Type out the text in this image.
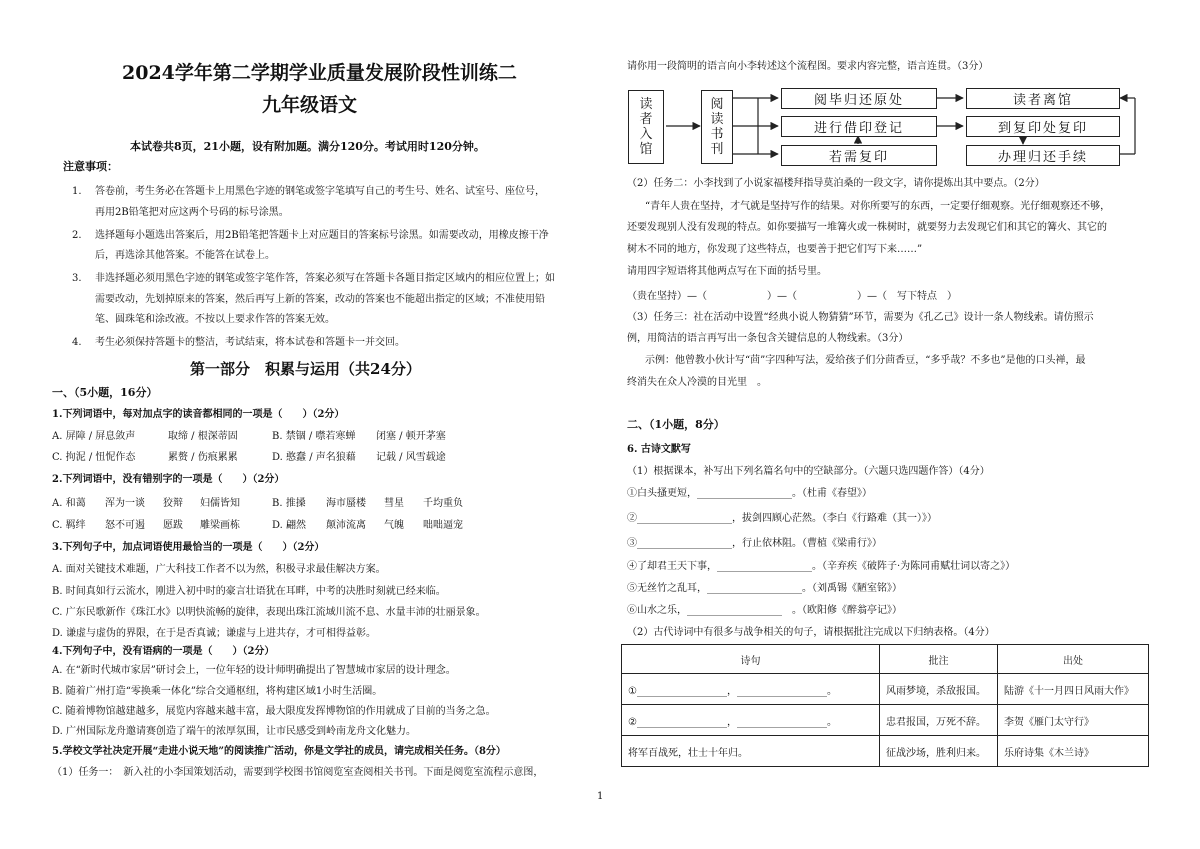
2024学年第二学期学业质量发展阶段性训练二
九年级语文
本试卷共8页，21小题，设有附加题。满分120分。考试用时120分钟。
注意事项：
1. 答卷前，考生务必在答题卡上用黑色字迹的钢笔或签字笔填写自己的考生号、姓名、试室号、座位号，
再用2B铅笔把对应这两个号码的标号涂黑。
2. 选择题每小题选出答案后，用2B铅笔把答题卡上对应题目的答案标号涂黑。如需要改动，用橡皮擦干净
后，再选涂其他答案。不能答在试卷上。
3. 非选择题必须用黑色字迹的钢笔或签字笔作答，答案必须写在答题卡各题目指定区域内的相应位置上；如
需要改动，先划掉原来的答案，然后再写上新的答案，改动的答案也不能超出指定的区域；不准使用铅
笔、圆珠笔和涂改液。不按以上要求作答的答案无效。
4. 考生必须保持答题卡的整洁，考试结束，将本试卷和答题卡一并交回。
第一部分　积累与运用（共24分）
一、（5小题，16分）
1.下列词语中，每对加点字的读音都相同的一项是（　　）（2分）
A. 屏障 / 屏息敛声	取缔 / 根深蒂固	B. 禁锢 / 噤若寒蝉 闭塞 / 顿开茅塞
C. 拘泥 / 忸怩作态	累赘 / 伤痕累累	D. 憨蠢 / 声名狼藉 记载 / 风雪载途
2.下列词语中，没有错别字的一项是（　　）（2分）
A. 和蔼 浑为一谈 狡辩 妇儒皆知	B. 推搡 海市蜃楼 彗星 千均重负
C. 羁绊 怒不可遏 愿跋 雕梁画栋	D. 翩然 颠沛流离 气魄 咄咄逼宠
3.下列句子中，加点词语使用最恰当的一项是（　　）（2分）
A. 面对关键技术难题，广大科技工作者不以为然，积极寻求最佳解决方案。
B. 时间真如行云流水，刚进入初中时的豪言壮语犹在耳畔，中考的决胜时刻就已经来临。
C. 广东民歌新作《珠江水》以明快流畅的旋律，表现出珠江流域川流不息、水量丰沛的壮丽景象。
D. 谦虚与虚伪的界限，在于是否真诚；谦虚与上进共存，才可相得益彰。
4.下列句子中，没有语病的一项是（　　）（2分）
A. 在“新时代城市家居”研讨会上，一位年轻的设计师明确提出了智慧城市家居的设计理念。
B. 随着广州打造“零换乘一体化”综合交通枢纽，将构建区域1小时生活圈。
C. 随着博物馆越建越多，展览内容越来越丰富，最大限度发挥博物馆的作用就成了目前的当务之急。
D. 广州国际龙舟邀请赛创造了端午的浓厚氛围，让市民感受到岭南龙舟文化魅力。
5.学校文学社决定开展“走进小说天地”的阅读推广活动，你是文学社的成员，请完成相关任务。（8分）
（1）任务一：　新入社的小李国策划活动，需要到学校图书馆阅览室查阅相关书刊。下面是阅览室流程示意图，
请你用一段简明的语言向小李转述这个流程图。要求内容完整，语言连贯。（3分）
读
者
入
馆
阅
读
书
刊
阅毕归还原处
进行借印登记
若需复印
读者离馆
到复印处复印
办理归还手续
（2）任务二：小李找到了小说家福楼拜指导莫泊桑的一段文字，请你提炼出其中要点。（2分）
“青年人贵在坚持，才气就是坚持写作的结果。对你所要写的东西，一定要仔细观察。光仔细观察还不够，
还要发现别人没有发现的特点。如你要描写一堆篝火或一株树时，就要努力去发现它们和其它的篝火、其它的
树木不同的地方，你发现了这些特点，也要善于把它们写下来……”
请用四字短语将其他两点写在下面的括号里。
（贵在坚持）—（　　　　　　）—（　　　　　　）—（　写下特点　）
（3）任务三：社在活动中设置“经典小说人物猜猜”环节，需要为《孔乙己》设计一条人物线索。请仿照示
例，用简洁的语言再写出一条包含关键信息的人物线索。（3分）
示例：他曾教小伙计写“茴”字四种写法，爱给孩子们分茴香豆，“多乎哉？不多也”是他的口头禅，最
终消失在众人冷漠的目光里　。
二、（1小题，8分）
6. 古诗文默写
（1）根据课本，补写出下列名篇名句中的空缺部分。（六题只选四题作答）（4分）
①白头搔更短，___________________。（杜甫《春望》）
②___________________，拔剑四顾心茫然。（李白《行路难（其一）》）
③___________________，行止依林阻。（曹植《梁甫行》）
④了却君王天下事，___________________。（辛弃疾《破阵子·为陈同甫赋壮词以寄之》）
⑤无丝竹之乱耳，___________________。（刘禹锡《陋室铭》）
⑥山水之乐，___________________　。（欧阳修《醉翁亭记》）
（2）古代诗词中有很多与战争相关的句子，请根据批注完成以下归纳表格。（4分）
诗句	批注	出处
①__________________，__________________。	风雨梦境，杀敌报国。	陆游《十一月四日风雨大作》
②__________________，__________________。	忠君报国，万死不辞。	李贺《雁门太守行》
将军百战死，壮士十年归。	征战沙场，胜利归来。	乐府诗集《木兰诗》
1
